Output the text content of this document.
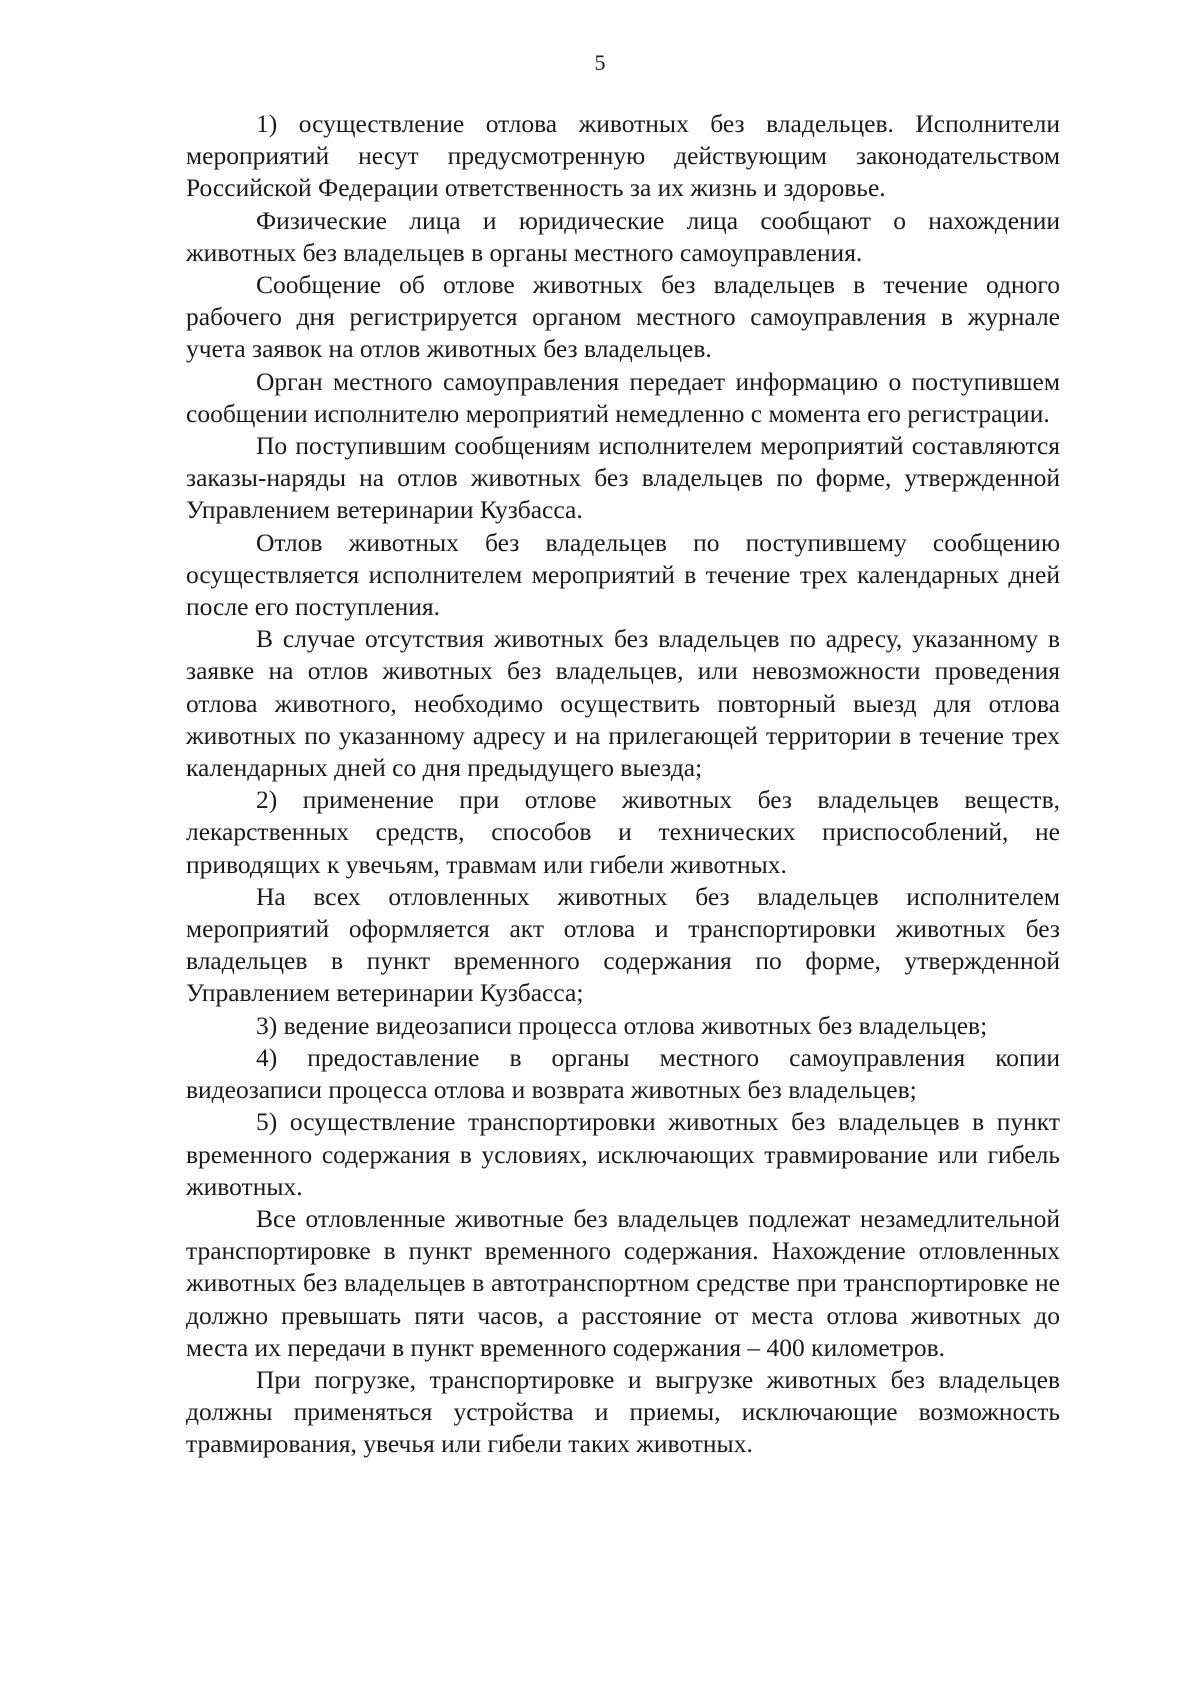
5

1) осуществление отлова животных без владельцев. Исполнители мероприятий несут предусмотренную действующим законодательством Российской Федерации ответственность за их жизнь и здоровье.

Физические лица и юридические лица сообщают о нахождении животных без владельцев в органы местного самоуправления.

Сообщение об отлове животных без владельцев в течение одного рабочего дня регистрируется органом местного самоуправления в журнале учета заявок на отлов животных без владельцев.

Орган местного самоуправления передает информацию о поступившем сообщении исполнителю мероприятий немедленно с момента его регистрации.

По поступившим сообщениям исполнителем мероприятий составляются заказы-наряды на отлов животных без владельцев по форме, утвержденной Управлением ветеринарии Кузбасса.

Отлов животных без владельцев по поступившему сообщению осуществляется исполнителем мероприятий в течение трех календарных дней после его поступления.

В случае отсутствия животных без владельцев по адресу, указанному в заявке на отлов животных без владельцев, или невозможности проведения отлова животного, необходимо осуществить повторный выезд для отлова животных по указанному адресу и на прилегающей территории в течение трех календарных дней со дня предыдущего выезда;

2) применение при отлове животных без владельцев веществ, лекарственных средств, способов и технических приспособлений, не приводящих к увечьям, травмам или гибели животных.

На всех отловленных животных без владельцев исполнителем мероприятий оформляется акт отлова и транспортировки животных без владельцев в пункт временного содержания по форме, утвержденной Управлением ветеринарии Кузбасса;

3) ведение видеозаписи процесса отлова животных без владельцев;

4) предоставление в органы местного самоуправления копии видеозаписи процесса отлова и возврата животных без владельцев;

5) осуществление транспортировки животных без владельцев в пункт временного содержания в условиях, исключающих травмирование или гибель животных.

Все отловленные животные без владельцев подлежат незамедлительной транспортировке в пункт временного содержания. Нахождение отловленных животных без владельцев в автотранспортном средстве при транспортировке не должно превышать пяти часов, а расстояние от места отлова животных до места их передачи в пункт временного содержания – 400 километров.

При погрузке, транспортировке и выгрузке животных без владельцев должны применяться устройства и приемы, исключающие возможность травмирования, увечья или гибели таких животных.
